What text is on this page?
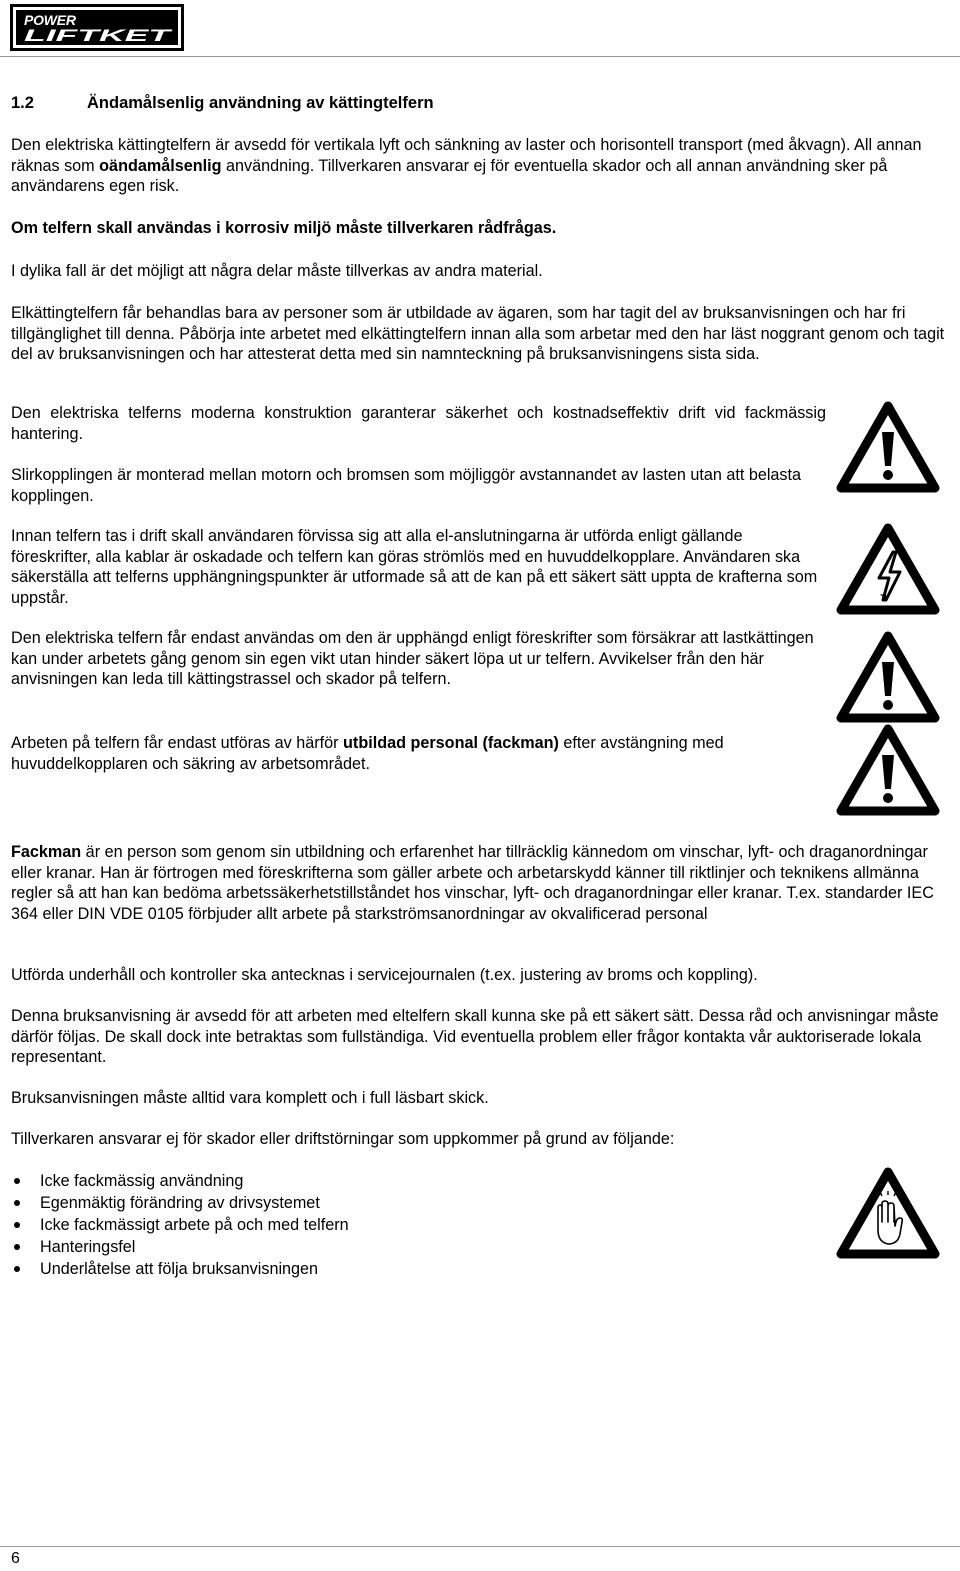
POWER
LIFTKET
1.2	Ändamålsenlig användning av kättingtelfern

Den elektriska kättingtelfern är avsedd för vertikala lyft och sänkning av laster och horisontell transport (med åkvagn). All annan räknas som oändamålsenlig användning. Tillverkaren ansvarar ej för eventuella skador och all annan användning sker på användarens egen risk.

Om telfern skall användas i korrosiv miljö måste tillverkaren rådfrågas.

I dylika fall är det möjligt att några delar måste tillverkas av andra material.

Elkättingtelfern får behandlas bara av personer som är utbildade av ägaren, som har tagit del av bruksanvisningen och har fri tillgänglighet till denna. Påbörja inte arbetet med elkättingtelfern innan alla som arbetar med den har läst noggrant genom och tagit del av bruksanvisningen och har attesterat detta med sin namnteckning på bruksanvisningens sista sida.

Den elektriska telferns moderna konstruktion garanterar säkerhet och kostnadseffektiv drift vid fackmässig hantering.

Slirkopplingen är monterad mellan motorn och bromsen som möjliggör avstannandet av lasten utan att belasta kopplingen.

Innan telfern tas i drift skall användaren förvissa sig att alla el-anslutningarna är utförda enligt gällande föreskrifter, alla kablar är oskadade och telfern kan göras strömlös med en huvuddelkopplare. Användaren ska säkerställa att telferns upphängningspunkter är utformade så att de kan på ett säkert sätt uppta de krafterna som uppstår.

Den elektriska telfern får endast användas om den är upphängd enligt föreskrifter som försäkrar att lastkättingen kan under arbetets gång genom sin egen vikt utan hinder säkert löpa ut ur telfern. Avvikelser från den här anvisningen kan leda till kättingstrassel och skador på telfern.

Arbeten på telfern får endast utföras av härför utbildad personal (fackman) efter avstängning med huvuddelkopplaren och säkring av arbetsområdet.

Fackman är en person som genom sin utbildning och erfarenhet har tillräcklig kännedom om vinschar, lyft- och draganordningar eller kranar. Han är förtrogen med föreskrifterna som gäller arbete och arbetarskydd känner till riktlinjer och teknikens allmänna regler så att han kan bedöma arbetssäkerhetstillståndet hos vinschar, lyft- och draganordningar eller kranar. T.ex. standarder IEC 364 eller DIN VDE 0105 förbjuder allt arbete på starkströmsanordningar av okvalificerad personal

Utförda underhåll och kontroller ska antecknas i servicejournalen (t.ex. justering av broms och koppling).

Denna bruksanvisning är avsedd för att arbeten med eltelfern skall kunna ske på ett säkert sätt. Dessa råd och anvisningar måste därför följas. De skall dock inte betraktas som fullständiga. Vid eventuella problem eller frågor kontakta vår auktoriserade lokala representant.

Bruksanvisningen måste alltid vara komplett och i full läsbart skick.

Tillverkaren ansvarar ej för skador eller driftstörningar som uppkommer på grund av följande:

Icke fackmässig användning
Egenmäktig förändring av drivsystemet
Icke fackmässigt arbete på och med telfern
Hanteringsfel
Underlåtelse att följa bruksanvisningen
6
